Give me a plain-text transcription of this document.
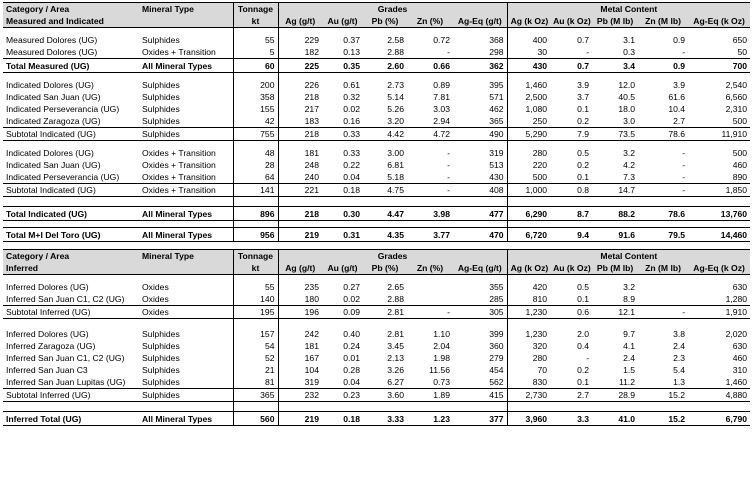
Category / Area	Mineral Type	Tonnage	Grades					Metal Content				
Measured and Indicated		kt	Ag (g/t)	Au (g/t)	Pb (%)	Zn (%)	Ag-Eq (g/t)	Ag (k Oz)	Au (k Oz)	Pb (M lb)	Zn (M lb)	Ag-Eq (k Oz)

Measured Dolores (UG)	Sulphides	55	229	0.37	2.58	0.72	368	400	0.7	3.1	0.9	650
Measured Dolores (UG)	Oxides + Transition	5	182	0.13	2.88	-	298	30	-	0.3	-	50
Total Measured (UG)	All Mineral Types	60	225	0.35	2.60	0.66	362	430	0.7	3.4	0.9	700

Indicated Dolores (UG)	Sulphides	200	226	0.61	2.73	0.89	395	1,460	3.9	12.0	3.9	2,540
Indicated San Juan (UG)	Sulphides	358	218	0.32	5.14	7.81	571	2,500	3.7	40.5	61.6	6,560
Indicated Perseverancia (UG)	Sulphides	155	217	0.02	5.26	3.03	462	1,080	0.1	18.0	10.4	2,310
Indicated Zaragoza (UG)	Sulphides	42	183	0.16	3.20	2.94	365	250	0.2	3.0	2.7	500
Subtotal Indicated (UG)	Sulphides	755	218	0.33	4.42	4.72	490	5,290	7.9	73.5	78.6	11,910

Indicated Dolores (UG)	Oxides + Transition	48	181	0.33	3.00	-	319	280	0.5	3.2	-	500
Indicated San Juan (UG)	Oxides + Transition	28	248	0.22	6.81	-	513	220	0.2	4.2	-	460
Indicated Perseverancia (UG)	Oxides + Transition	64	240	0.04	5.18	-	430	500	0.1	7.3	-	890
Subtotal Indicated (UG)	Oxides + Transition	141	221	0.18	4.75	-	408	1,000	0.8	14.7	-	1,850

Total Indicated (UG)	All Mineral Types	896	218	0.30	4.47	3.98	477	6,290	8.7	88.2	78.6	13,760

Total M+I Del Toro (UG)	All Mineral Types	956	219	0.31	4.35	3.77	470	6,720	9.4	91.6	79.5	14,460
Category / Area	Mineral Type	Tonnage	Grades					Metal Content				
Inferred		kt	Ag (g/t)	Au (g/t)	Pb (%)	Zn (%)	Ag-Eq (g/t)	Ag (k Oz)	Au (k Oz)	Pb (M lb)	Zn (M lb)	Ag-Eq (k Oz)

Inferred Dolores (UG)	Oxides	55	235	0.27	2.65		355	420	0.5	3.2		630
Inferred San Juan C1, C2 (UG)	Oxides	140	180	0.02	2.88		285	810	0.1	8.9		1,280
Subtotal Inferred (UG)	Oxides	195	196	0.09	2.81	-	305	1,230	0.6	12.1	-	1,910

Inferred Dolores (UG)	Sulphides	157	242	0.40	2.81	1.10	399	1,230	2.0	9.7	3.8	2,020
Inferred Zaragoza (UG)	Sulphides	54	181	0.24	3.45	2.04	360	320	0.4	4.1	2.4	630
Inferred San Juan C1, C2 (UG)	Sulphides	52	167	0.01	2.13	1.98	279	280	-	2.4	2.3	460
Inferred San Juan C3	Sulphides	21	104	0.28	3.26	11.56	454	70	0.2	1.5	5.4	310
Inferred San Juan Lupitas (UG)	Sulphides	81	319	0.04	6.27	0.73	562	830	0.1	11.2	1.3	1,460
Subtotal Inferred (UG)	Sulphides	365	232	0.23	3.60	1.89	415	2,730	2.7	28.9	15.2	4,880

Inferred Total (UG)	All Mineral Types	560	219	0.18	3.33	1.23	377	3,960	3.3	41.0	15.2	6,790
